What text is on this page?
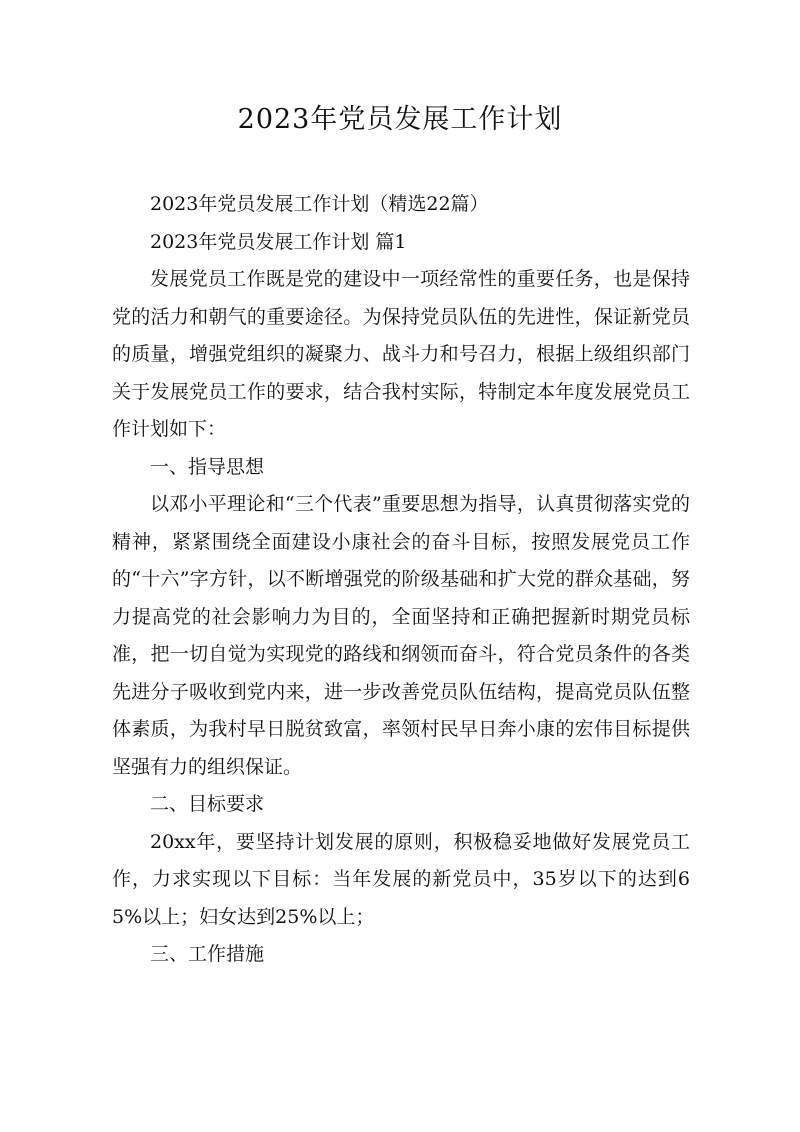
2023年党员发展工作计划

2023年党员发展工作计划（精选22篇）

2023年党员发展工作计划 篇1

发展党员工作既是党的建设中一项经常性的重要任务，也是保持党的活力和朝气的重要途径。为保持党员队伍的先进性，保证新党员的质量，增强党组织的凝聚力、战斗力和号召力，根据上级组织部门关于发展党员工作的要求，结合我村实际，特制定本年度发展党员工作计划如下：

一、指导思想

以邓小平理论和“三个代表”重要思想为指导，认真贯彻落实党的精神，紧紧围绕全面建设小康社会的奋斗目标，按照发展党员工作的“十六”字方针，以不断增强党的阶级基础和扩大党的群众基础，努力提高党的社会影响力为目的，全面坚持和正确把握新时期党员标准，把一切自觉为实现党的路线和纲领而奋斗，符合党员条件的各类先进分子吸收到党内来，进一步改善党员队伍结构，提高党员队伍整体素质，为我村早日脱贫致富，率领村民早日奔小康的宏伟目标提供坚强有力的组织保证。

二、目标要求

20xx年，要坚持计划发展的原则，积极稳妥地做好发展党员工作，力求实现以下目标：当年发展的新党员中，35岁以下的达到65%以上；妇女达到25%以上；

三、工作措施
